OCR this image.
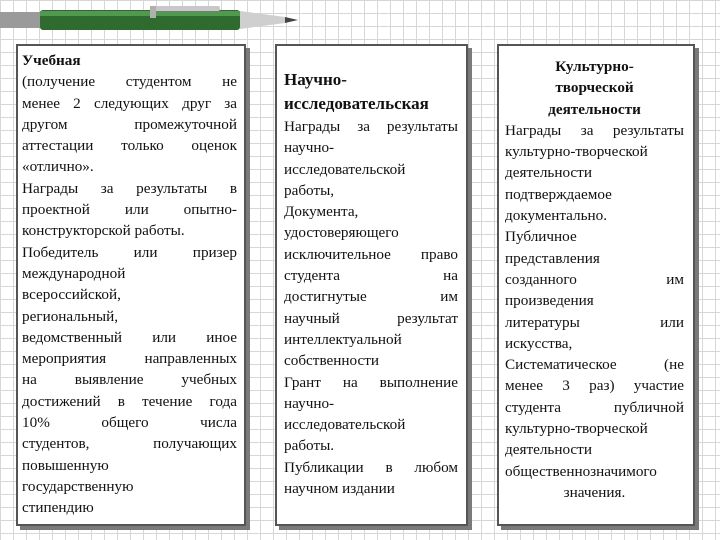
Учебная
(получение студентом не
менее 2 следующих друг за
другом промежуточной
аттестации только оценок
«отлично».
Награды за результаты в
проектной или опытно-
конструкторской работы.
Победитель или призер
международной
всероссийской,
региональный,
ведомственный или иное
мероприятия направленных
на выявление учебных
достижений в течение года
10% общего числа
студентов, получающих
повышенную
государственную
стипендию
Научно-
исследовательская
Награды за результаты
научно-
исследовательской
работы,
Документа,
удостоверяющего
исключительное право
студента на
достигнутые им
научный результат
интеллектуальной
собственности
Грант на выполнение
научно-
исследовательской
работы.
Публикации в любом
научном издании
Культурно-
творческой
деятельности
Награды за результаты
культурно-творческой
деятельности
подтверждаемое
документально.
Публичное
представления
созданного им
произведения
литературы или
искусства,
Систематическое (не
менее 3 раз) участие
студента публичной
культурно-творческой
деятельности
общественнозначимого
значения.
